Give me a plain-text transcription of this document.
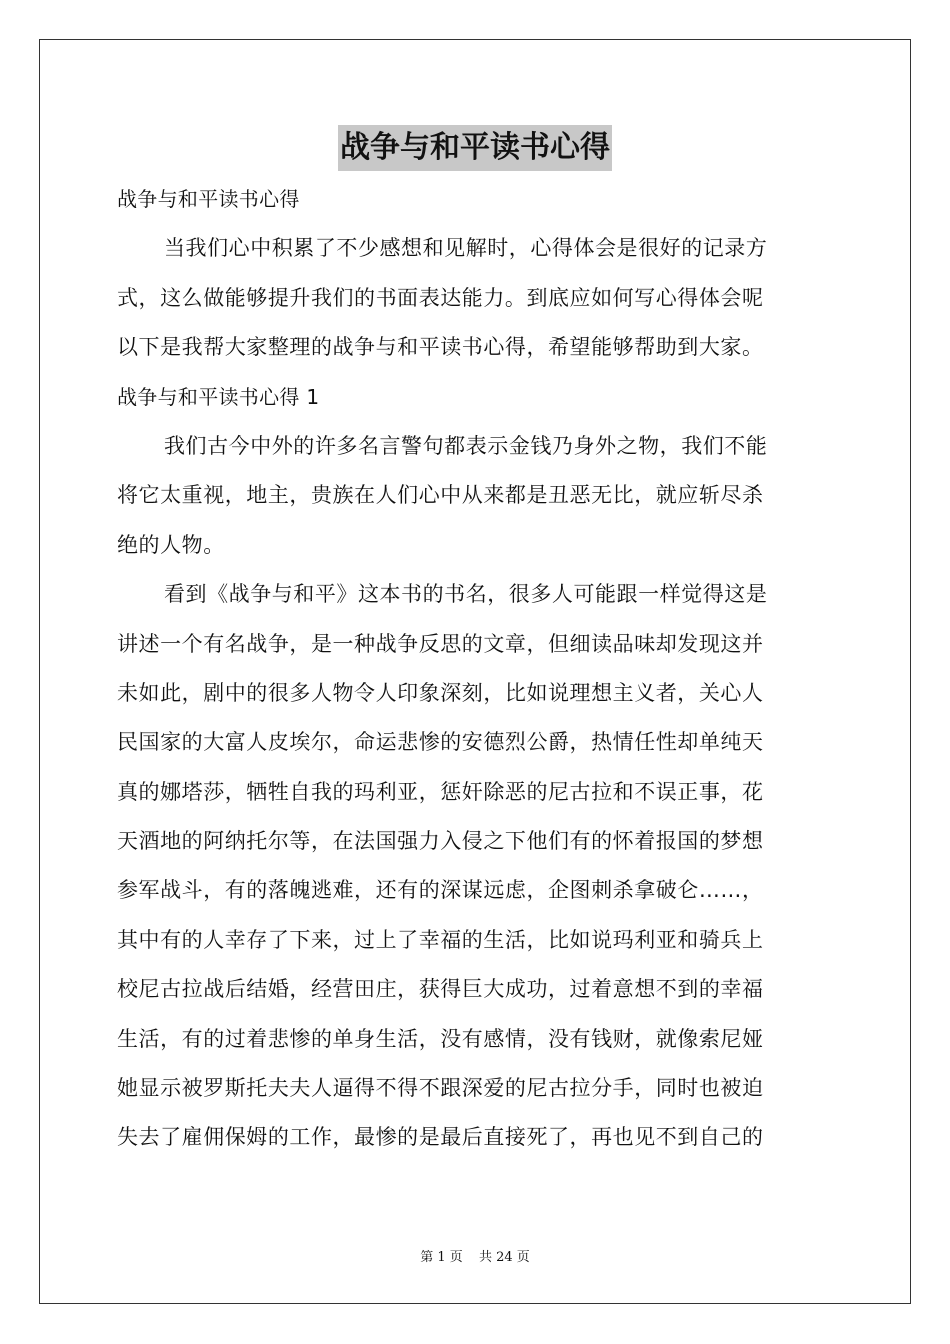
战争与和平读书心得
战争与和平读书心得
当我们心中积累了不少感想和见解时，心得体会是很好的记录方
式，这么做能够提升我们的书面表达能力。到底应如何写心得体会呢
以下是我帮大家整理的战争与和平读书心得，希望能够帮助到大家。
战争与和平读书心得 1
我们古今中外的许多名言警句都表示金钱乃身外之物，我们不能
将它太重视，地主，贵族在人们心中从来都是丑恶无比，就应斩尽杀
绝的人物。
看到《战争与和平》这本书的书名，很多人可能跟一样觉得这是
讲述一个有名战争，是一种战争反思的文章，但细读品味却发现这并
未如此，剧中的很多人物令人印象深刻，比如说理想主义者，关心人
民国家的大富人皮埃尔，命运悲惨的安德烈公爵，热情任性却单纯天
真的娜塔莎，牺牲自我的玛利亚，惩奸除恶的尼古拉和不误正事，花
天酒地的阿纳托尔等，在法国强力入侵之下他们有的怀着报国的梦想
参军战斗，有的落魄逃难，还有的深谋远虑，企图刺杀拿破仑……，
其中有的人幸存了下来，过上了幸福的生活，比如说玛利亚和骑兵上
校尼古拉战后结婚，经营田庄，获得巨大成功，过着意想不到的幸福
生活，有的过着悲惨的单身生活，没有感情，没有钱财，就像索尼娅
她显示被罗斯托夫夫人逼得不得不跟深爱的尼古拉分手，同时也被迫
失去了雇佣保姆的工作，最惨的是最后直接死了，再也见不到自己的
第 1 页 共 24 页
